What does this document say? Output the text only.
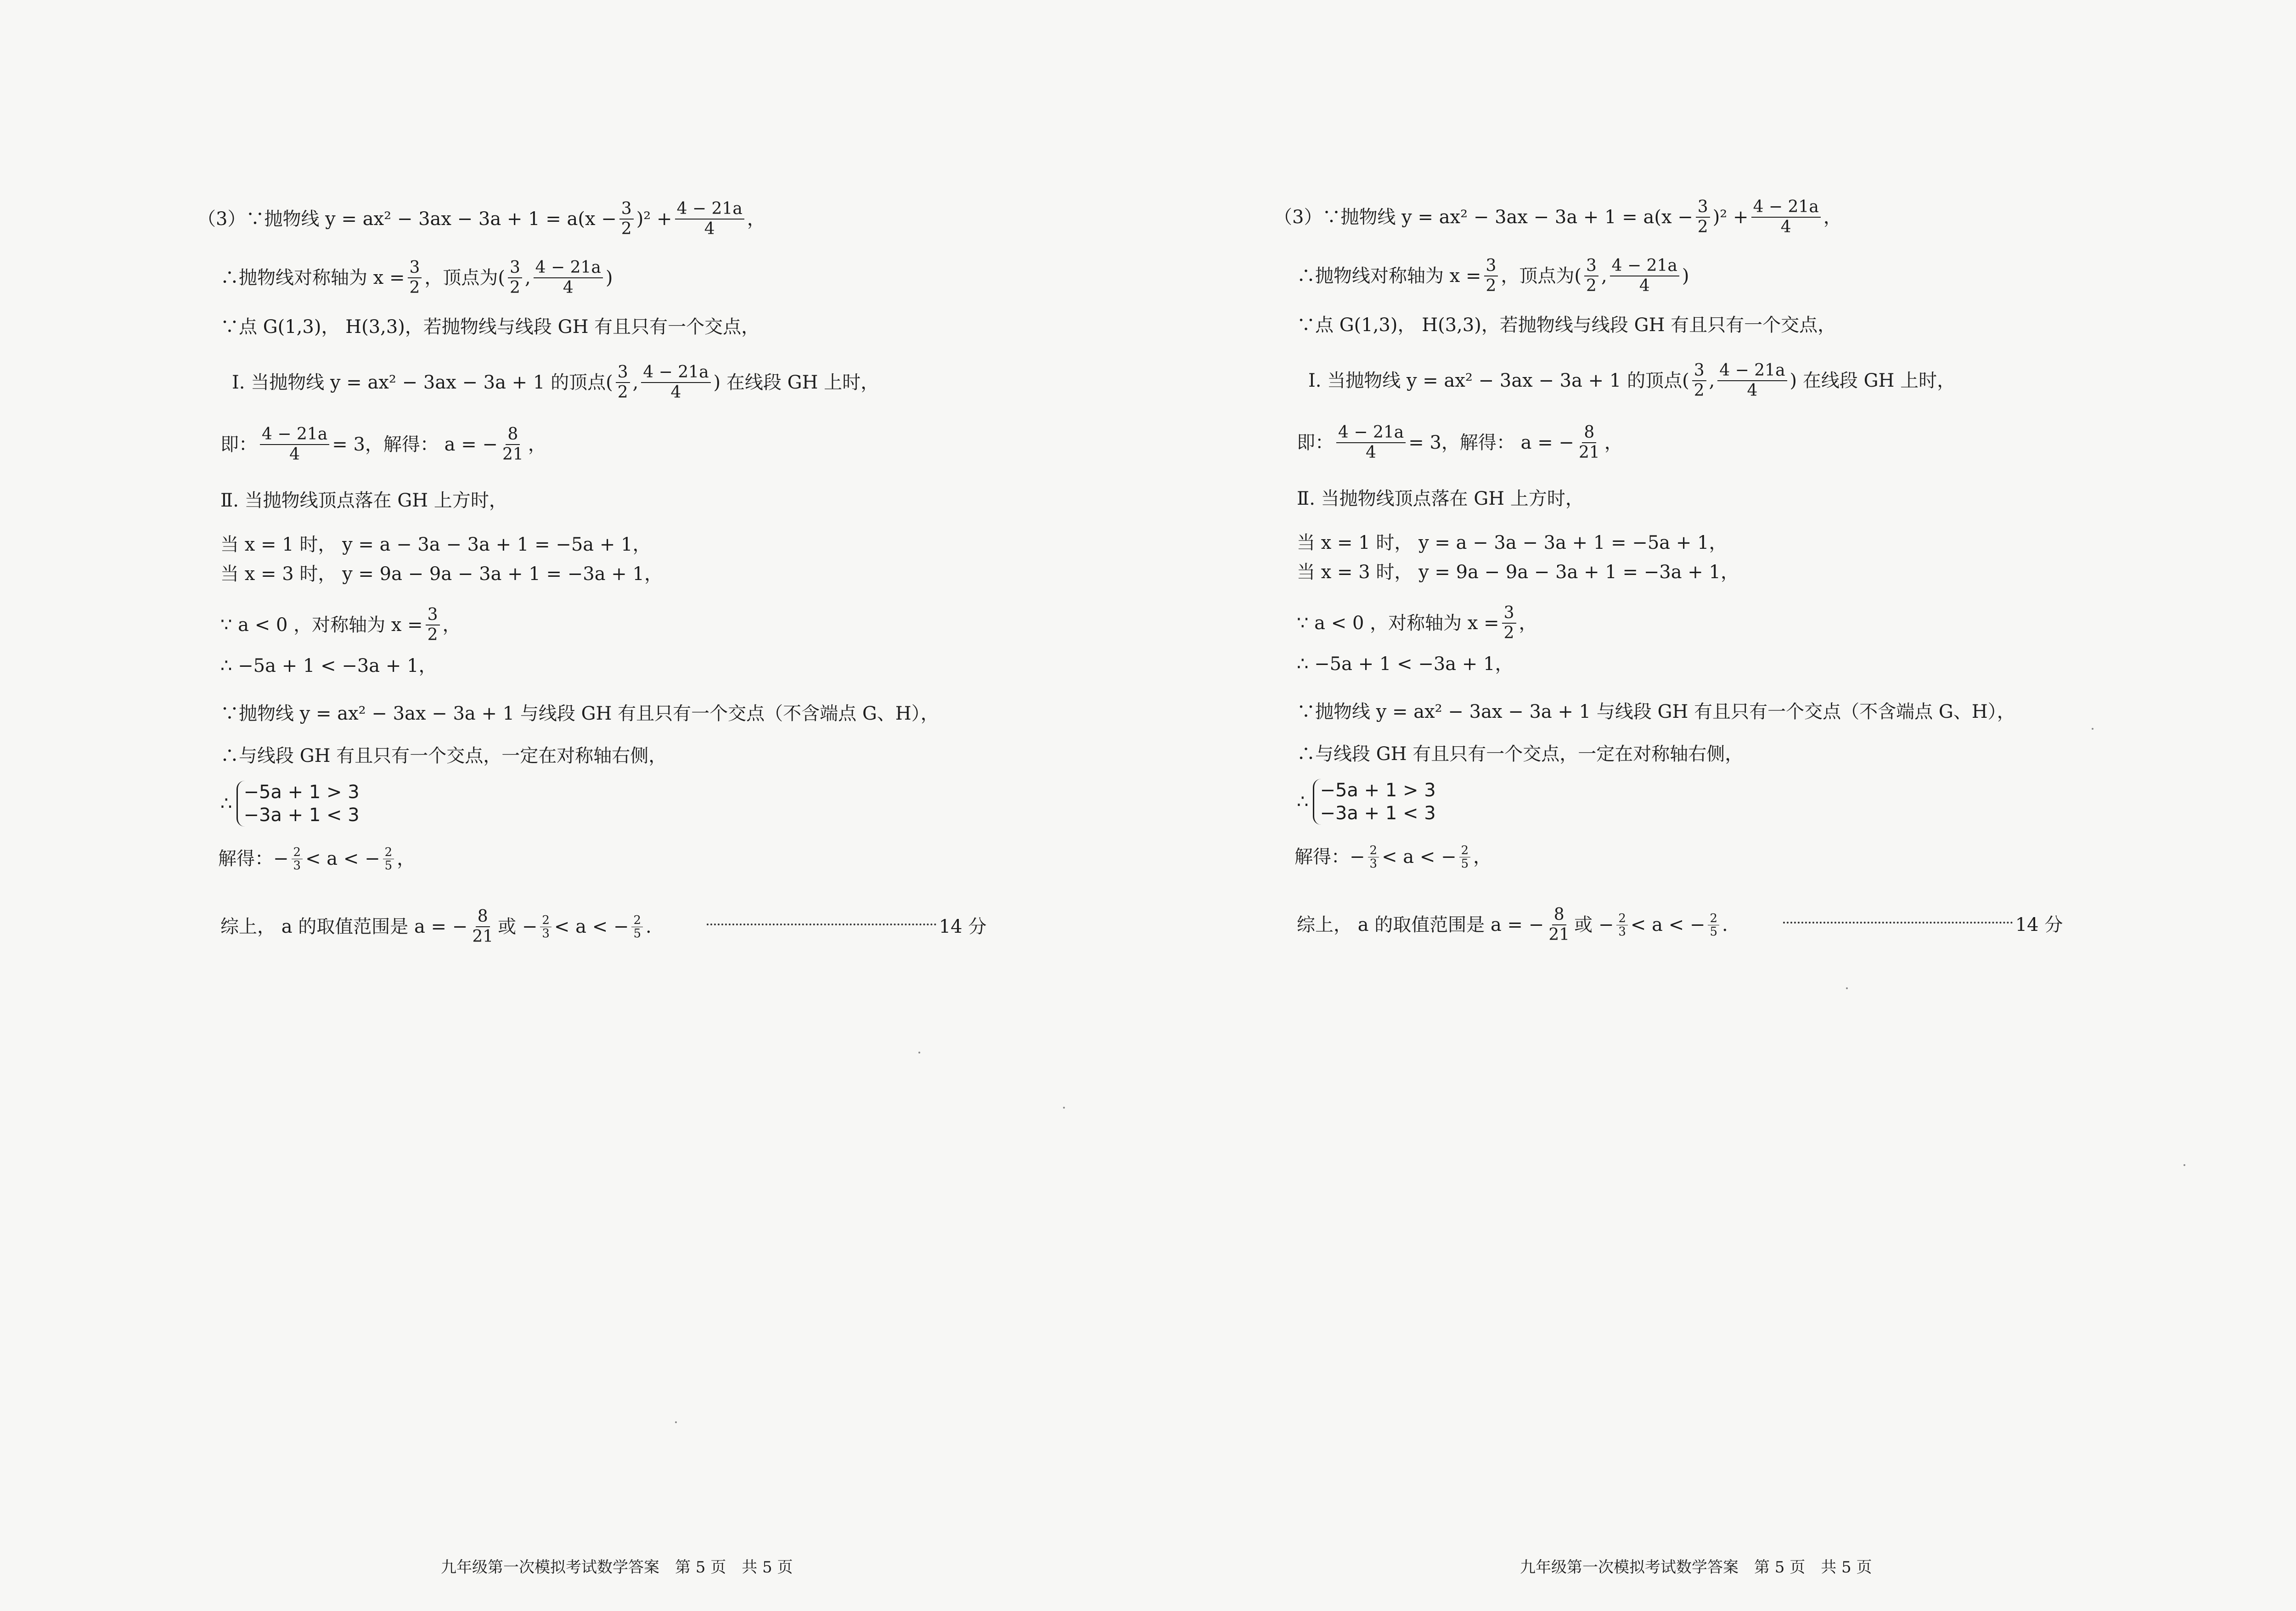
（3）∵抛物线 $y = ax^2 - 3ax - 3a + 1 = a(x - \frac{3}{2} )^2 + \frac{4 - 21a}{4}$ ，
∴抛物线对称轴为 $x = \frac{3}{2}$ ，顶点为( $\frac{3}{2}$ , $\frac{4 - 21a}{4}$ )
∵点 G(1,3)， H(3,3)，若抛物线与线段 GH 有且只有一个交点，
Ⅰ. 当抛物线 y = ax² − 3ax − 3a + 1 的顶点( $\frac{3}{2}$ , $\frac{4 - 21a}{4}$ ) 在线段 GH 上时，
即： $\frac{4 - 21a}{4} = 3$，解得： a = − $\frac{8}{21}$ ，
Ⅱ. 当抛物线顶点落在 GH 上方时，
当 x = 1 时， y = a − 3a − 3a + 1 = −5a + 1，
当 x = 3 时， y = 9a − 9a − 3a + 1 = −3a + 1，
∵ a < 0 ，对称轴为 $x = \frac{3}{2}$ ，
∴ −5a + 1 < −3a + 1，
∵抛物线 y = ax² − 3ax − 3a + 1 与线段 GH 有且只有一个交点（不含端点 G、H），
∴与线段 GH 有且只有一个交点，一定在对称轴右侧，
∴
−5a + 1 > 3
−3a + 1 < 3
解得：− $\frac{2}{3} < a$ < − $\frac{2}{5}$ ，
综上， a 的取值范围是 a = − $\frac{8}{21}$ 或 − $\frac{2}{3} < a$ < − $\frac{2}{5}$ .	14 分
九年级第一次模拟考试数学答案　第 5 页　共 5 页
（3）∵抛物线 $y = ax^2 - 3ax - 3a + 1 = a(x - \frac{3}{2} )^2 + \frac{4 - 21a}{4}$ ，
∴抛物线对称轴为 $x = \frac{3}{2}$ ，顶点为( $\frac{3}{2}$ , $\frac{4 - 21a}{4}$ )
∵点 G(1,3)， H(3,3)，若抛物线与线段 GH 有且只有一个交点，
Ⅰ. 当抛物线 y = ax² − 3ax − 3a + 1 的顶点( $\frac{3}{2}$ , $\frac{4 - 21a}{4}$ ) 在线段 GH 上时，
即： $\frac{4 - 21a}{4} = 3$，解得： a = − $\frac{8}{21}$ ，
Ⅱ. 当抛物线顶点落在 GH 上方时，
当 x = 1 时， y = a − 3a − 3a + 1 = −5a + 1，
当 x = 3 时， y = 9a − 9a − 3a + 1 = −3a + 1，
∵ a < 0 ，对称轴为 $x = \frac{3}{2}$ ，
∴ −5a + 1 < −3a + 1，
∵抛物线 y = ax² − 3ax − 3a + 1 与线段 GH 有且只有一个交点（不含端点 G、H），
∴与线段 GH 有且只有一个交点，一定在对称轴右侧，
∴
−5a + 1 > 3
−3a + 1 < 3
解得：− $\frac{2}{3} < a$ < − $\frac{2}{5}$ ，
综上， a 的取值范围是 a = − $\frac{8}{21}$ 或 − $\frac{2}{3} < a$ < − $\frac{2}{5}$ .	14 分
九年级第一次模拟考试数学答案　第 5 页　共 5 页
